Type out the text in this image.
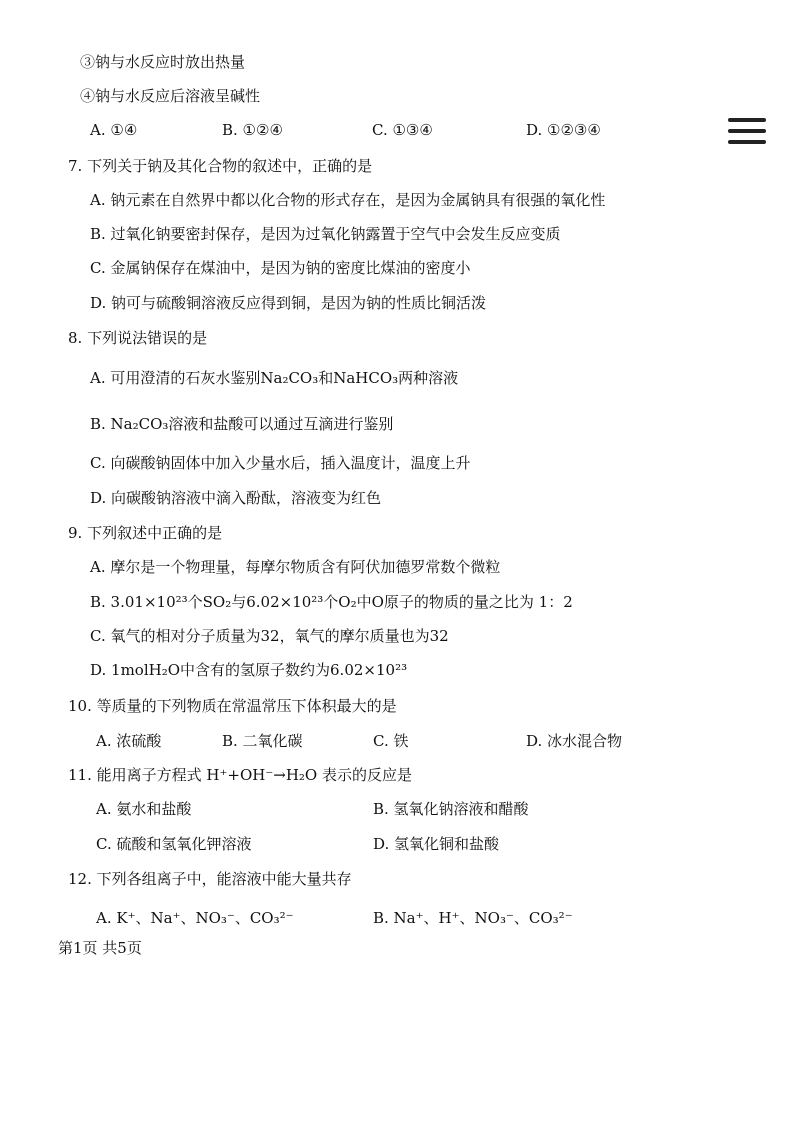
③钠与水反应时放出热量
④钠与水反应后溶液呈碱性
A. ①④	B. ①②④	C. ①③④	D. ①②③④
7. 下列关于钠及其化合物的叙述中，正确的是
A. 钠元素在自然界中都以化合物的形式存在，是因为金属钠具有很强的氧化性
B. 过氧化钠要密封保存，是因为过氧化钠露置于空气中会发生反应变质
C. 金属钠保存在煤油中，是因为钠的密度比煤油的密度小
D. 钠可与硫酸铜溶液反应得到铜，是因为钠的性质比铜活泼
8. 下列说法错误的是
A. 可用澄清的石灰水鉴别Na₂CO₃和NaHCO₃两种溶液
B. Na₂CO₃溶液和盐酸可以通过互滴进行鉴别
C. 向碳酸钠固体中加入少量水后，插入温度计，温度上升
D. 向碳酸钠溶液中滴入酚酞，溶液变为红色
9. 下列叙述中正确的是
A. 摩尔是一个物理量，每摩尔物质含有阿伏加德罗常数个微粒
B. 3.01×10²³个SO₂与6.02×10²³个O₂中O原子的物质的量之比为 1：2
C. 氧气的相对分子质量为32，氧气的摩尔质量也为32
D. 1molH₂O中含有的氢原子数约为6.02×10²³
10. 等质量的下列物质在常温常压下体积最大的是
A. 浓硫酸	B. 二氧化碳	C. 铁	D. 冰水混合物
11. 能用离子方程式 H⁺+OH⁻→H₂O 表示的反应是
A. 氨水和盐酸	B. 氢氧化钠溶液和醋酸
C. 硫酸和氢氧化钾溶液	D. 氢氧化铜和盐酸
12. 下列各组离子中，能溶液中能大量共存
A. K⁺、Na⁺、NO₃⁻、CO₃²⁻	B. Na⁺、H⁺、NO₃⁻、CO₃²⁻
第1页 共5页
